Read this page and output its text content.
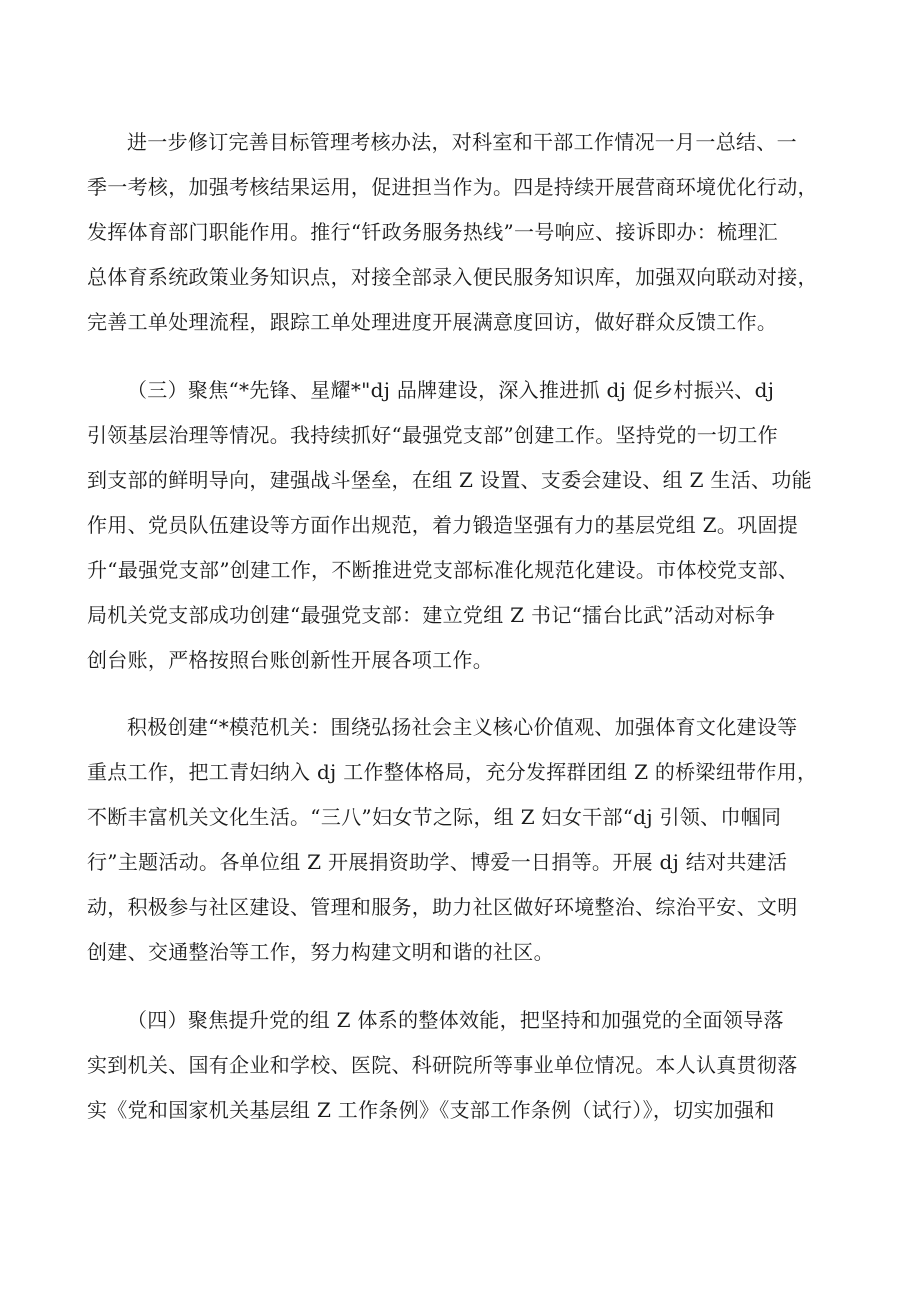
进一步修订完善目标管理考核办法，对科室和干部工作情况一月一总结、一
季一考核，加强考核结果运用，促进担当作为。四是持续开展营商环境优化行动，
发挥体育部门职能作用。推行“钎政务服务热线”一号响应、接诉即办：梳理汇
总体育系统政策业务知识点，对接全部录入便民服务知识库，加强双向联动对接，
完善工单处理流程，跟踪工单处理进度开展满意度回访，做好群众反馈工作。
（三）聚焦“*先锋、星耀*"dj 品牌建设，深入推进抓 dj 促乡村振兴、dj
引领基层治理等情况。我持续抓好“最强党支部”创建工作。坚持党的一切工作
到支部的鲜明导向，建强战斗堡垒，在组 Z 设置、支委会建设、组 Z 生活、功能
作用、党员队伍建设等方面作出规范，着力锻造坚强有力的基层党组 Z。巩固提
升“最强党支部”创建工作，不断推进党支部标准化规范化建设。市体校党支部、
局机关党支部成功创建“最强党支部：建立党组 Z 书记“擂台比武”活动对标争
创台账，严格按照台账创新性开展各项工作。
积极创建“*模范机关：围绕弘扬社会主义核心价值观、加强体育文化建设等
重点工作，把工青妇纳入 dj 工作整体格局，充分发挥群团组 Z 的桥梁纽带作用，
不断丰富机关文化生活。“三八”妇女节之际，组 Z 妇女干部“dj 引领、巾帼同
行”主题活动。各单位组 Z 开展捐资助学、博爱一日捐等。开展 dj 结对共建活
动，积极参与社区建设、管理和服务，助力社区做好环境整治、综治平安、文明
创建、交通整治等工作，努力构建文明和谐的社区。
（四）聚焦提升党的组 Z 体系的整体效能，把坚持和加强党的全面领导落
实到机关、国有企业和学校、医院、科研院所等事业单位情况。本人认真贯彻落
实《党和国家机关基层组 Z 工作条例》《支部工作条例（试行）》，切实加强和
